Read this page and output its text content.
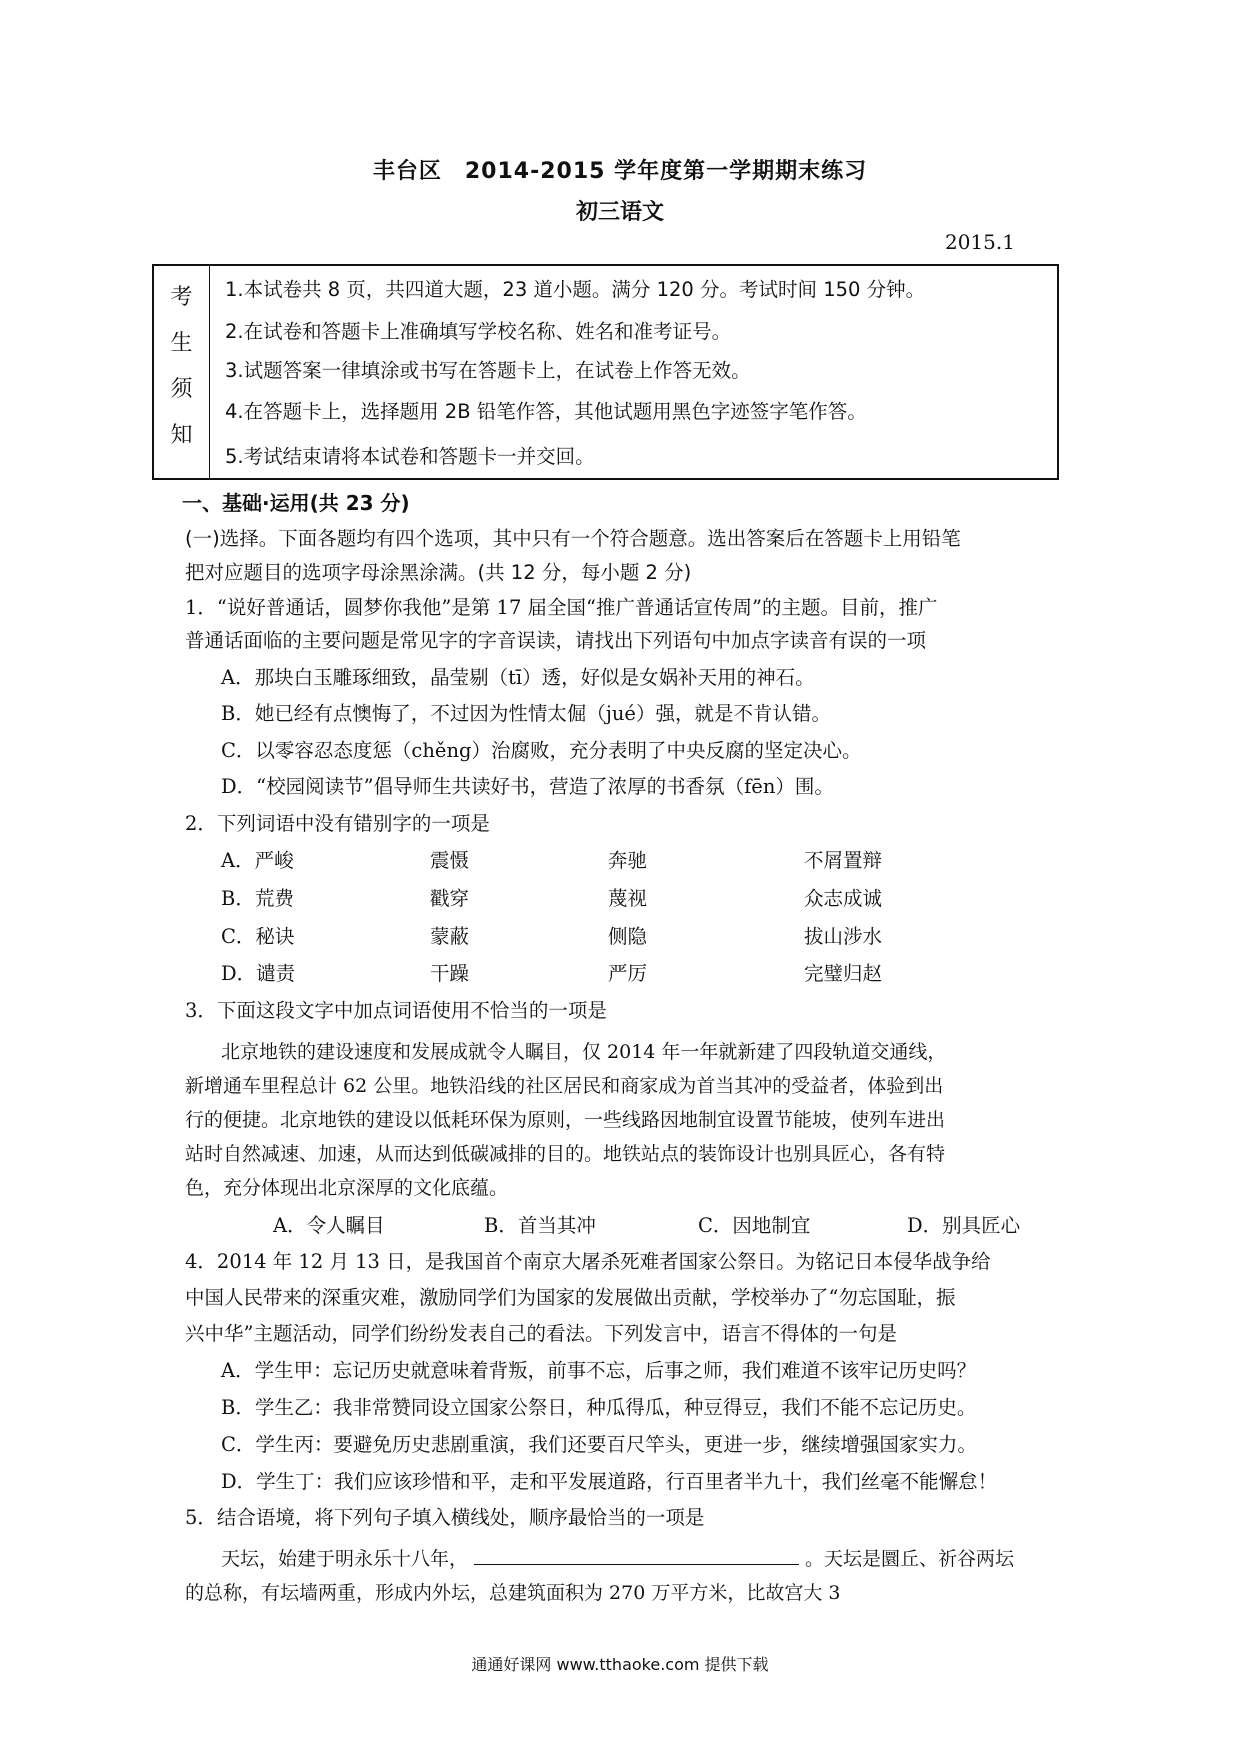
丰台区　2014-2015 学年度第一学期期末练习
初三语文
2015.1
考
生
须
知
1.本试卷共 8 页，共四道大题，23 道小题。满分 120 分。考试时间 150 分钟。
2.在试卷和答题卡上准确填写学校名称、姓名和准考证号。
3.试题答案一律填涂或书写在答题卡上，在试卷上作答无效。
4.在答题卡上，选择题用 2B 铅笔作答，其他试题用黑色字迹签字笔作答。
5.考试结束请将本试卷和答题卡一并交回。
一、基础·运用(共 23 分)
(一)选择。下面各题均有四个选项，其中只有一个符合题意。选出答案后在答题卡上用铅笔
把对应题目的选项字母涂黑涂满。(共 12 分，每小题 2 分)
1．“说好普通话，圆梦你我他”是第 17 届全国“推广普通话宣传周”的主题。目前，推广
普通话面临的主要问题是常见字的字音误读，请找出下列语句中加点字读音有误的一项
A．那块白玉雕琢细致，晶莹剔（tī）透，好似是女娲补天用的神石。
B．她已经有点懊悔了，不过因为性情太倔（jué）强，就是不肯认错。
C．以零容忍态度惩（chěng）治腐败，充分表明了中央反腐的坚定决心。
D．“校园阅读节”倡导师生共读好书，营造了浓厚的书香氛（fēn）围。
2．下列词语中没有错别字的一项是
A．严峻	震慑	奔驰	不屑置辩
B．荒费	戳穿	蔑视	众志成诚
C．秘诀	蒙蔽	侧隐	拔山涉水
D．谴责	干躁	严厉	完璧归赵
3．下面这段文字中加点词语使用不恰当的一项是
北京地铁的建设速度和发展成就令人瞩目，仅 2014 年一年就新建了四段轨道交通线，
新增通车里程总计 62 公里。地铁沿线的社区居民和商家成为首当其冲的受益者，体验到出
行的便捷。北京地铁的建设以低耗环保为原则，一些线路因地制宜设置节能坡，使列车进出
站时自然减速、加速，从而达到低碳减排的目的。地铁站点的装饰设计也别具匠心，各有特
色，充分体现出北京深厚的文化底蕴。
A．令人瞩目	B．首当其冲	C．因地制宜	D．别具匠心
4．2014 年 12 月 13 日，是我国首个南京大屠杀死难者国家公祭日。为铭记日本侵华战争给
中国人民带来的深重灾难，激励同学们为国家的发展做出贡献，学校举办了“勿忘国耻，振
兴中华”主题活动，同学们纷纷发表自己的看法。下列发言中，语言不得体的一句是
A．学生甲：忘记历史就意味着背叛，前事不忘，后事之师，我们难道不该牢记历史吗？
B．学生乙：我非常赞同设立国家公祭日，种瓜得瓜，种豆得豆，我们不能不忘记历史。
C．学生丙：要避免历史悲剧重演，我们还要百尺竿头，更进一步，继续增强国家实力。
D．学生丁：我们应该珍惜和平，走和平发展道路，行百里者半九十，我们丝毫不能懈怠！
5．结合语境，将下列句子填入横线处，顺序最恰当的一项是
天坛，始建于明永乐十八年，	。天坛是圜丘、祈谷两坛
的总称，有坛墙两重，形成内外坛，总建筑面积为 270 万平方米，比故宫大 3
通通好课网 www.tthaoke.com 提供下载
